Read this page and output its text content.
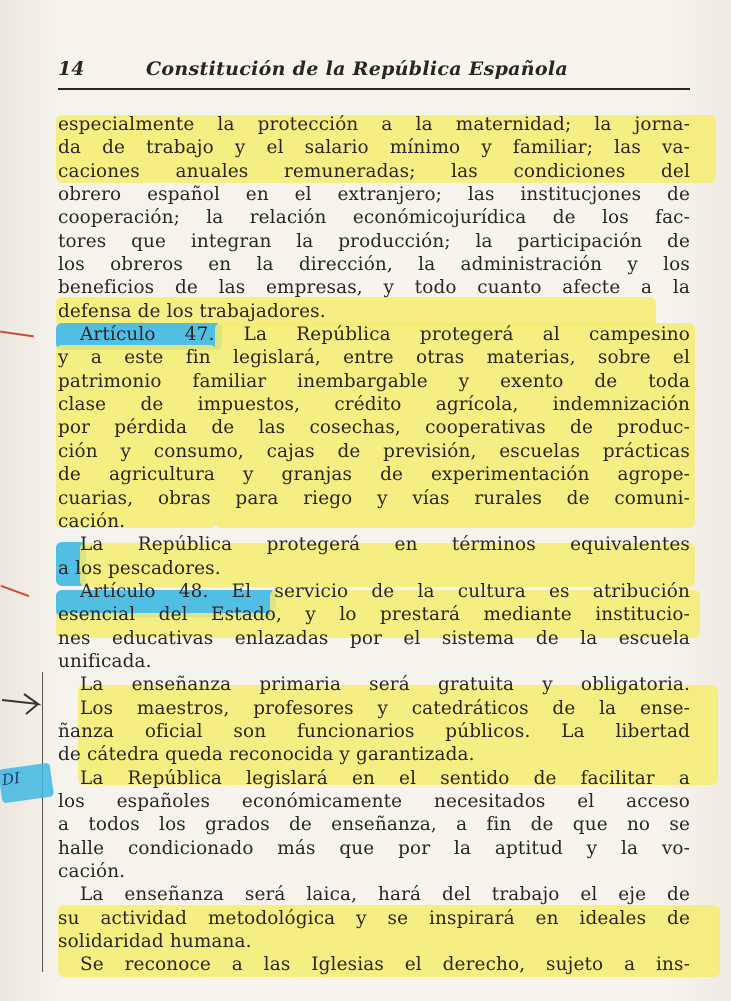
14	Constitución de la República Española
especialmente la protección a la maternidad; la jorna-
da de trabajo y el salario mínimo y familiar; las va-
caciones anuales remuneradas; las condiciones del
obrero español en el extranjero; las institucjones de
cooperación; la relación económicojurídica de los fac-
tores que integran la producción; la participación de
los obreros en la dirección, la administración y los
beneficios de las empresas, y todo cuanto afecte a la
defensa de los trabajadores.
Artículo 47. La República protegerá al campesino
y a este fin legislará, entre otras materias, sobre el
patrimonio familiar inembargable y exento de toda
clase de impuestos, crédito agrícola, indemnización
por pérdida de las cosechas, cooperativas de produc-
ción y consumo, cajas de previsión, escuelas prácticas
de agricultura y granjas de experimentación agrope-
cuarias, obras para riego y vías rurales de comuni-
cación.
La República protegerá en términos equivalentes
a los pescadores.
Artículo 48. El servicio de la cultura es atribución
esencial del Estado, y lo prestará mediante institucio-
nes educativas enlazadas por el sistema de la escuela
unificada.
La enseñanza primaria será gratuita y obligatoria.
Los maestros, profesores y catedráticos de la ense-
ñanza oficial son funcionarios públicos. La libertad
de cátedra queda reconocida y garantizada.
La República legislará en el sentido de facilitar a
los españoles económicamente necesitados el acceso
a todos los grados de enseñanza, a fin de que no se
halle condicionado más que por la aptitud y la vo-
cación.
La enseñanza será laica, hará del trabajo el eje de
su actividad metodológica y se inspirará en ideales de
solidaridad humana.
Se reconoce a las Iglesias el derecho, sujeto a ins-
DI
